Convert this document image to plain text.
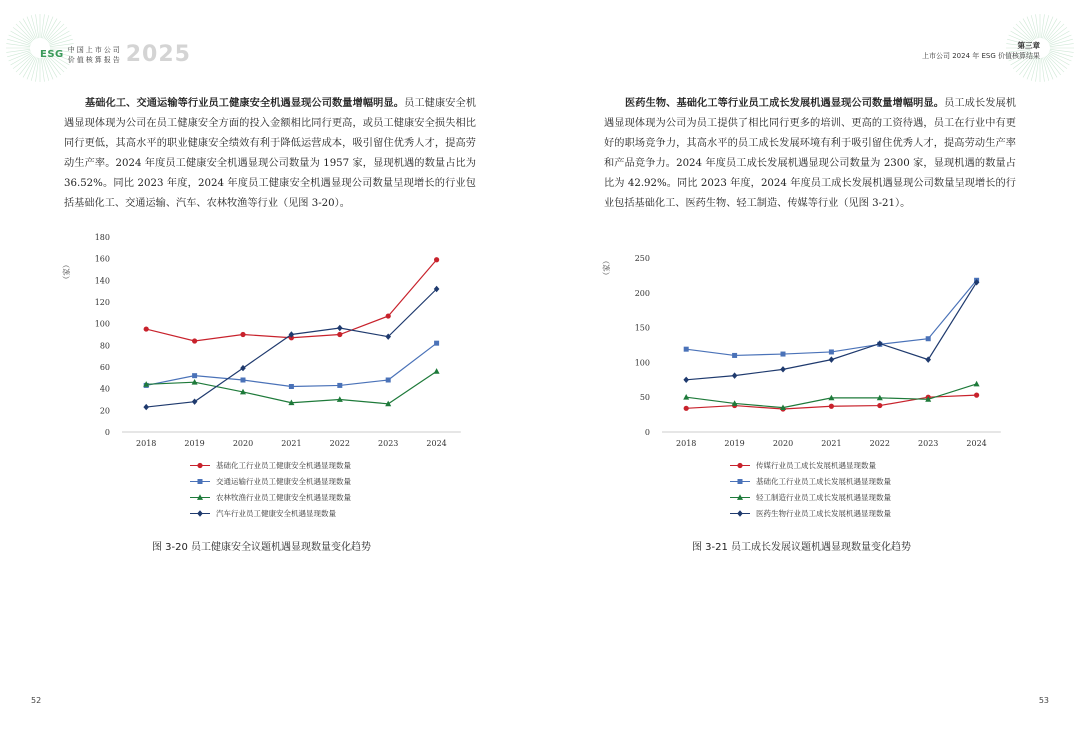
ESG 中国上市公司
价值核算报告 2025
基础化工、交通运输等行业员工健康安全机遇显现公司数量增幅明显。员工健康安全机遇显现体现为公司在员工健康安全方面的投入金额相比同行更高，或员工健康安全损失相比同行更低，其高水平的职业健康安全绩效有利于降低运营成本，吸引留住优秀人才，提高劳动生产率。2024 年度员工健康安全机遇显现公司数量为 1957 家，显现机遇的数量占比为 36.52%。同比 2023 年度，2024 年度员工健康安全机遇显现公司数量呈现增长的行业包括基础化工、交通运输、汽车、农林牧渔等行业（见图 3-20）。
0
20
40
60
80
100
120
140
160
180
2018	2019	2020	2021	2022	2023	2024
（家）
基础化工行业员工健康安全机遇显现数量
交通运输行业员工健康安全机遇显现数量
农林牧渔行业员工健康安全机遇显现数量
汽车行业员工健康安全机遇显现数量
图 3-20 员工健康安全议题机遇显现数量变化趋势
52
第三章
上市公司 2024 年 ESG 价值核算结果
医药生物、基础化工等行业员工成长发展机遇显现公司数量增幅明显。员工成长发展机遇显现体现为公司为员工提供了相比同行更多的培训、更高的工资待遇，员工在行业中有更好的职场竞争力，其高水平的员工成长发展环境有利于吸引留住优秀人才，提高劳动生产率和产品竞争力。2024 年度员工成长发展机遇显现公司数量为 2300 家，显现机遇的数量占比为 42.92%。同比 2023 年度，2024 年度员工成长发展机遇显现公司数量呈现增长的行业包括基础化工、医药生物、轻工制造、传媒等行业（见图 3-21）。
0
50
100
150
200
250
2018	2019	2020	2021	2022	2023	2024
（家）
传媒行业员工成长发展机遇显现数量
基础化工行业员工成长发展机遇显现数量
轻工制造行业员工成长发展机遇显现数量
医药生物行业员工成长发展机遇显现数量
图 3-21 员工成长发展议题机遇显现数量变化趋势
53
